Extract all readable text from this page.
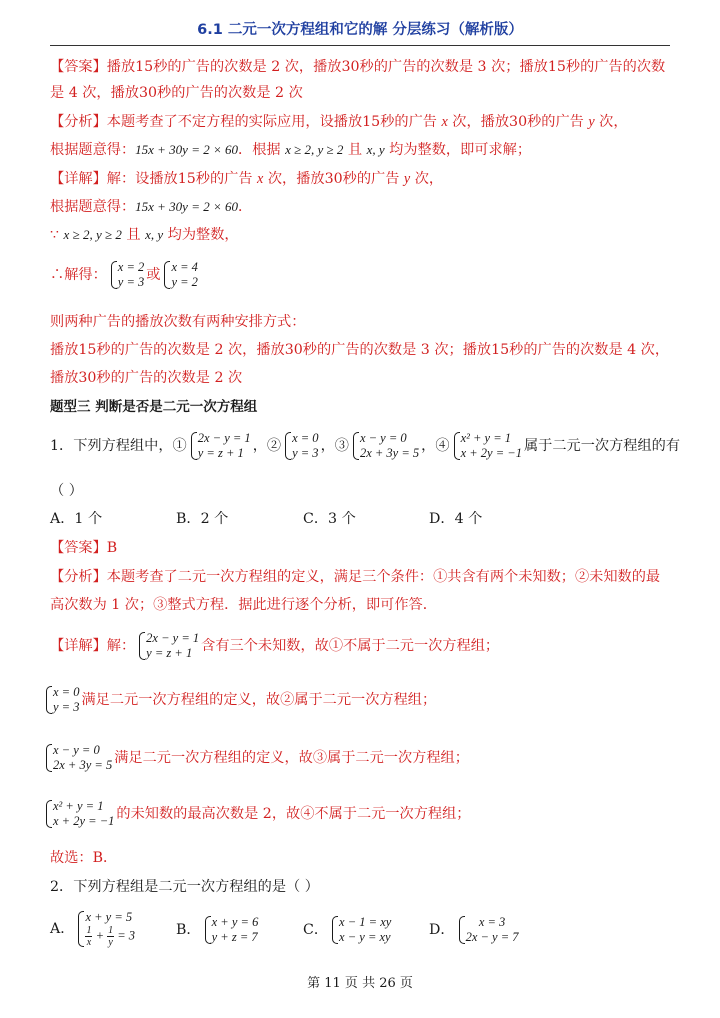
6.1 二元一次方程组和它的解 分层练习（解析版）
【答案】播放15秒的广告的次数是 2 次，播放30秒的广告的次数是 3 次；播放15秒的广告的次数
是 4 次，播放30秒的广告的次数是 2 次
【分析】本题考查了不定方程的实际应用，设播放15秒的广告 x 次，播放30秒的广告 y 次，
根据题意得：15x + 30y = 2 × 60．根据 x ≥ 2, y ≥ 2 且 x, y 均为整数，即可求解；
【详解】解：设播放15秒的广告 x 次，播放30秒的广告 y 次，
根据题意得：15x + 30y = 2 × 60．
∵ x ≥ 2, y ≥ 2 且 x, y 均为整数，
∴解得： x = 2
y = 3 或 x = 4
y = 2
则两种广告的播放次数有两种安排方式：
播放15秒的广告的次数是 2 次，播放30秒的广告的次数是 3 次；播放15秒的广告的次数是 4 次，
播放30秒的广告的次数是 2 次
题型三 判断是否是二元一次方程组
1．下列方程组中，① 2x − y = 1
y = z + 1 ，② x = 0
y = 3 ，③ x − y = 0
2x + 3y = 5 ，④ x² + y = 1
x + 2y = −1 属于二元一次方程组的有
（ ）
A．1 个	B．2 个	C．3 个	D．4 个
【答案】B
【分析】本题考查了二元一次方程组的定义，满足三个条件：①共含有两个未知数；②未知数的最
高次数为 1 次；③整式方程．据此进行逐个分析，即可作答．
【详解】解： 2x − y = 1
y = z + 1 含有三个未知数，故①不属于二元一次方程组；
x = 0
y = 3 满足二元一次方程组的定义，故②属于二元一次方程组；
x − y = 0
2x + 3y = 5 满足二元一次方程组的定义，故③属于二元一次方程组；
x² + y = 1
x + 2y = −1 的未知数的最高次数是 2，故④不属于二元一次方程组；
故选：B．
2．下列方程组是二元一次方程组的是（ ）
A．
x + y = 5
$\frac{1}{x} + \frac{1}{y} = 3$	B． x + y = 6
y + z = 7	C． x − 1 = xy
x − y = xy	D．	x = 3
2x − y = 7
第 11 页 共 26 页
